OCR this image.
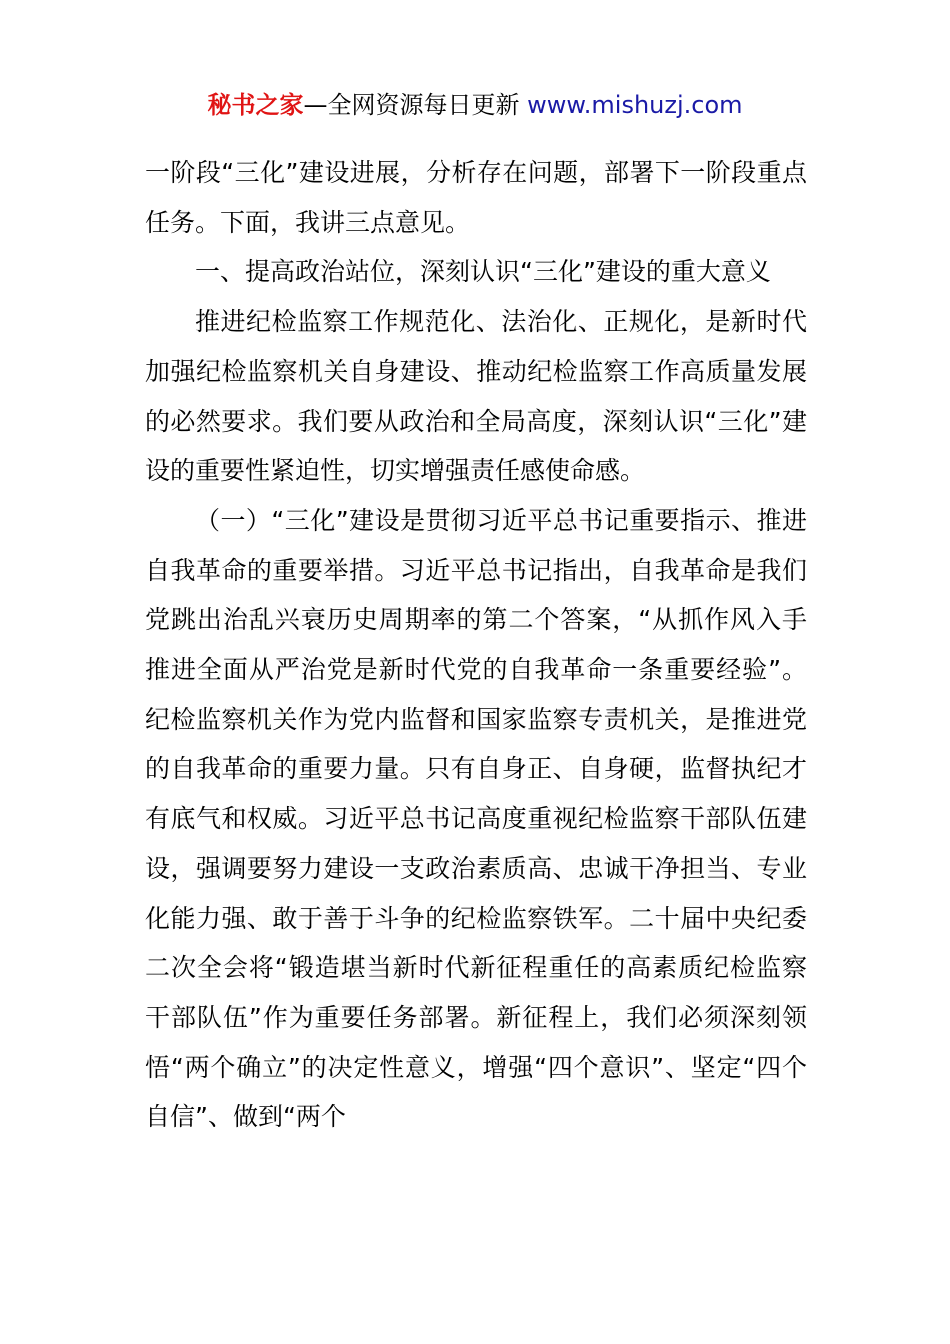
秘书之家—全网资源每日更新 www.mishuzj.com

一阶段“三化”建设进展，分析存在问题，部署下一阶段重点任务。下面，我讲三点意见。

一、提高政治站位，深刻认识“三化”建设的重大意义

推进纪检监察工作规范化、法治化、正规化，是新时代加强纪检监察机关自身建设、推动纪检监察工作高质量发展的必然要求。我们要从政治和全局高度，深刻认识“三化”建设的重要性紧迫性，切实增强责任感使命感。

（一）“三化”建设是贯彻习近平总书记重要指示、推进自我革命的重要举措。习近平总书记指出，自我革命是我们党跳出治乱兴衰历史周期率的第二个答案，“从抓作风入手推进全面从严治党是新时代党的自我革命一条重要经验”。纪检监察机关作为党内监督和国家监察专责机关，是推进党的自我革命的重要力量。只有自身正、自身硬，监督执纪才有底气和权威。习近平总书记高度重视纪检监察干部队伍建设，强调要努力建设一支政治素质高、忠诚干净担当、专业化能力强、敢于善于斗争的纪检监察铁军。二十届中央纪委二次全会将“锻造堪当新时代新征程重任的高素质纪检监察干部队伍”作为重要任务部署。新征程上，我们必须深刻领悟“两个确立”的决定性意义，增强“四个意识”、坚定“四个自信”、做到“两个
